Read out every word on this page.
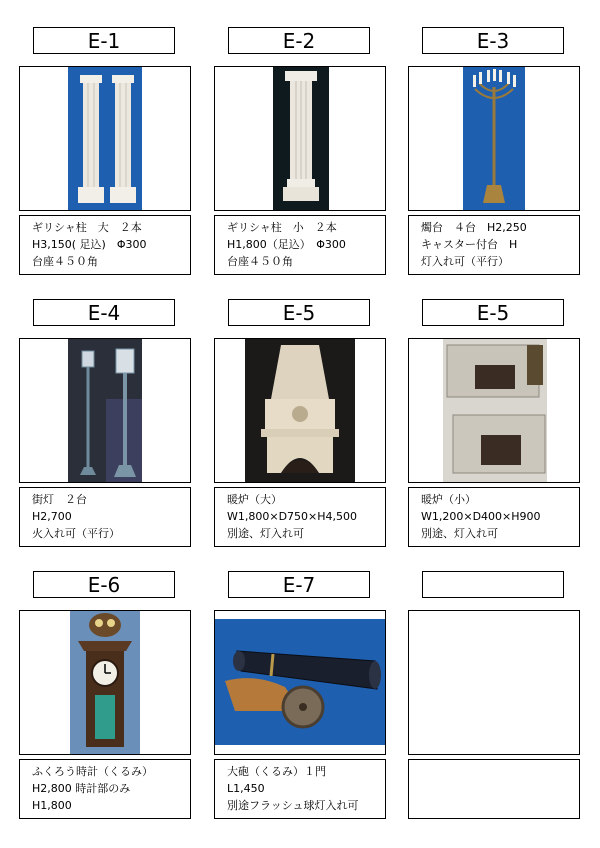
E-1
ギリシャ柱　大　２本
H3,150( 足込)　Φ300
台座４５０角
E-2
ギリシャ柱　小　２本
H1,800（足込）　Φ300
台座４５０角
E-3
燭台　４台　H2,250
キャスター付台　H
灯入れ可（平行）
E-4
街灯　２台
H2,700
火入れ可（平行）
E-5
暖炉（大）
W1,800×D750×H4,500
別途、灯入れ可
E-5
暖炉（小）
W1,200×D400×H900
別途、灯入れ可
E-6
ふくろう時計（くるみ）
H2,800 時計部のみ
H1,800
E-7
大砲（くるみ）１門
L1,450
別途フラッシュ球灯入れ可
